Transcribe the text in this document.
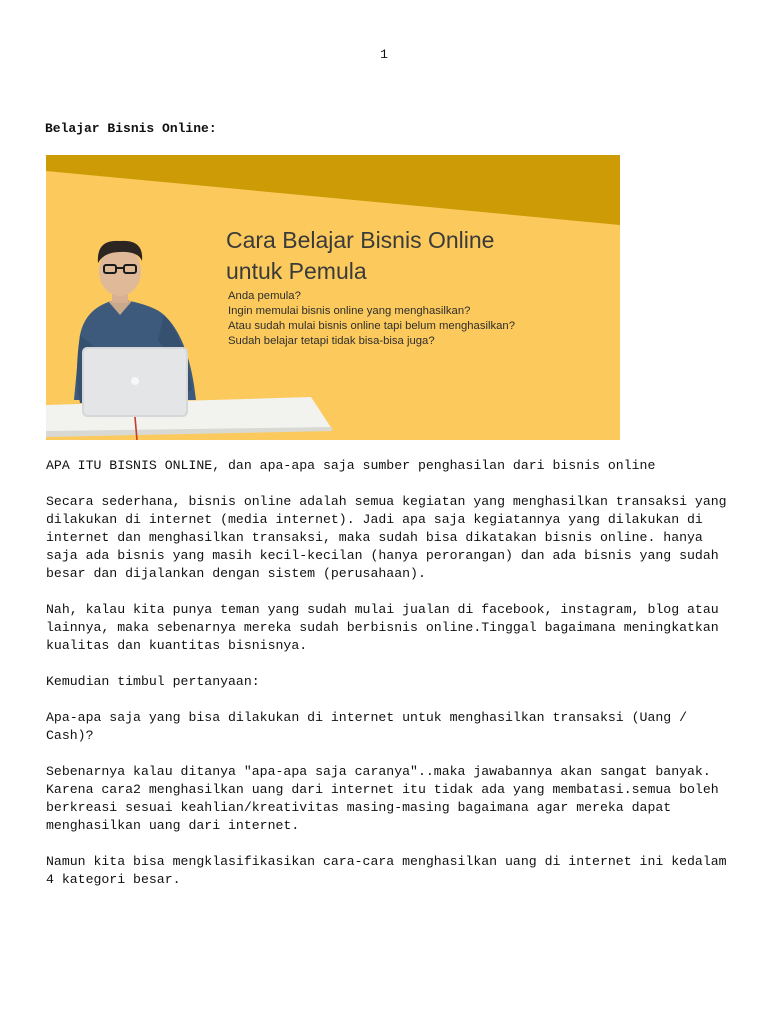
1
Belajar Bisnis Online:
Cara Belajar Bisnis Online
untuk Pemula
Anda pemula?
Ingin memulai bisnis online yang menghasilkan?
Atau sudah mulai bisnis online tapi belum menghasilkan?
Sudah belajar tetapi tidak bisa-bisa juga?

APA ITU BISNIS ONLINE, dan apa-apa saja sumber penghasilan dari bisnis online

Secara sederhana, bisnis online adalah semua kegiatan yang menghasilkan transaksi yang dilakukan di internet (media internet). Jadi apa saja kegiatannya yang dilakukan di internet dan menghasilkan transaksi, maka sudah bisa dikatakan bisnis online. hanya saja ada bisnis yang masih kecil-kecilan (hanya perorangan) dan ada bisnis yang sudah besar dan dijalankan dengan sistem (perusahaan).

Nah, kalau kita punya teman yang sudah mulai jualan di facebook, instagram, blog atau lainnya, maka sebenarnya mereka sudah berbisnis online.Tinggal bagaimana meningkatkan kualitas dan kuantitas bisnisnya.

Kemudian timbul pertanyaan:

Apa-apa saja yang bisa dilakukan di internet untuk menghasilkan transaksi (Uang / Cash)?

Sebenarnya kalau ditanya "apa-apa saja caranya"..maka jawabannya akan sangat banyak. Karena cara2 menghasilkan uang dari internet itu tidak ada yang membatasi.semua boleh berkreasi sesuai keahlian/kreativitas masing-masing bagaimana agar mereka dapat menghasilkan uang dari internet.

Namun kita bisa mengklasifikasikan cara-cara menghasilkan uang di internet ini kedalam 4 kategori besar.
